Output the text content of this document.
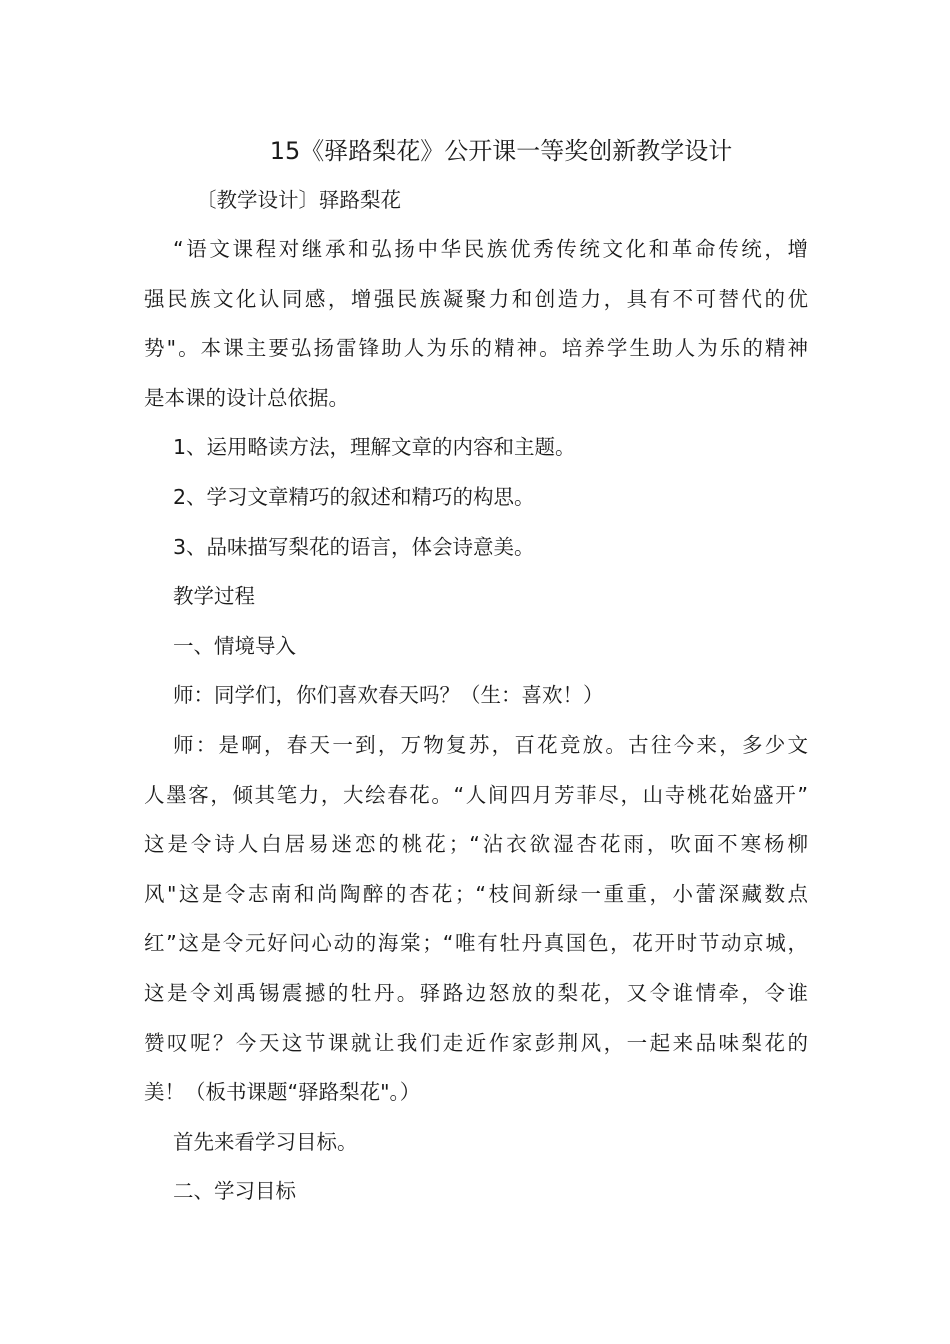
15《驿路梨花》公开课一等奖创新教学设计
〔教学设计〕驿路梨花
“语文课程对继承和弘扬中华民族优秀传统文化和革命传统，增
强民族文化认同感，增强民族凝聚力和创造力，具有不可替代的优
势"。本课主要弘扬雷锋助人为乐的精神。培养学生助人为乐的精神
是本课的设计总依据。
1、运用略读方法，理解文章的内容和主题。
2、学习文章精巧的叙述和精巧的构思。
3、品味描写梨花的语言，体会诗意美。
教学过程
一、情境导入
师：同学们，你们喜欢春天吗？（生：喜欢！）
师：是啊，春天一到，万物复苏，百花竞放。古往今来，多少文
人墨客，倾其笔力，大绘春花。“人间四月芳菲尽，山寺桃花始盛开”
这是令诗人白居易迷恋的桃花；“沾衣欲湿杏花雨，吹面不寒杨柳
风"这是令志南和尚陶醉的杏花；“枝间新绿一重重，小蕾深藏数点
红”这是令元好问心动的海棠；“唯有牡丹真国色，花开时节动京城，
这是令刘禹锡震撼的牡丹。驿路边怒放的梨花，又令谁情牵，令谁
赞叹呢？今天这节课就让我们走近作家彭荆风，一起来品味梨花的
美！（板书课题“驿路梨花"。）
首先来看学习目标。
二、学习目标
